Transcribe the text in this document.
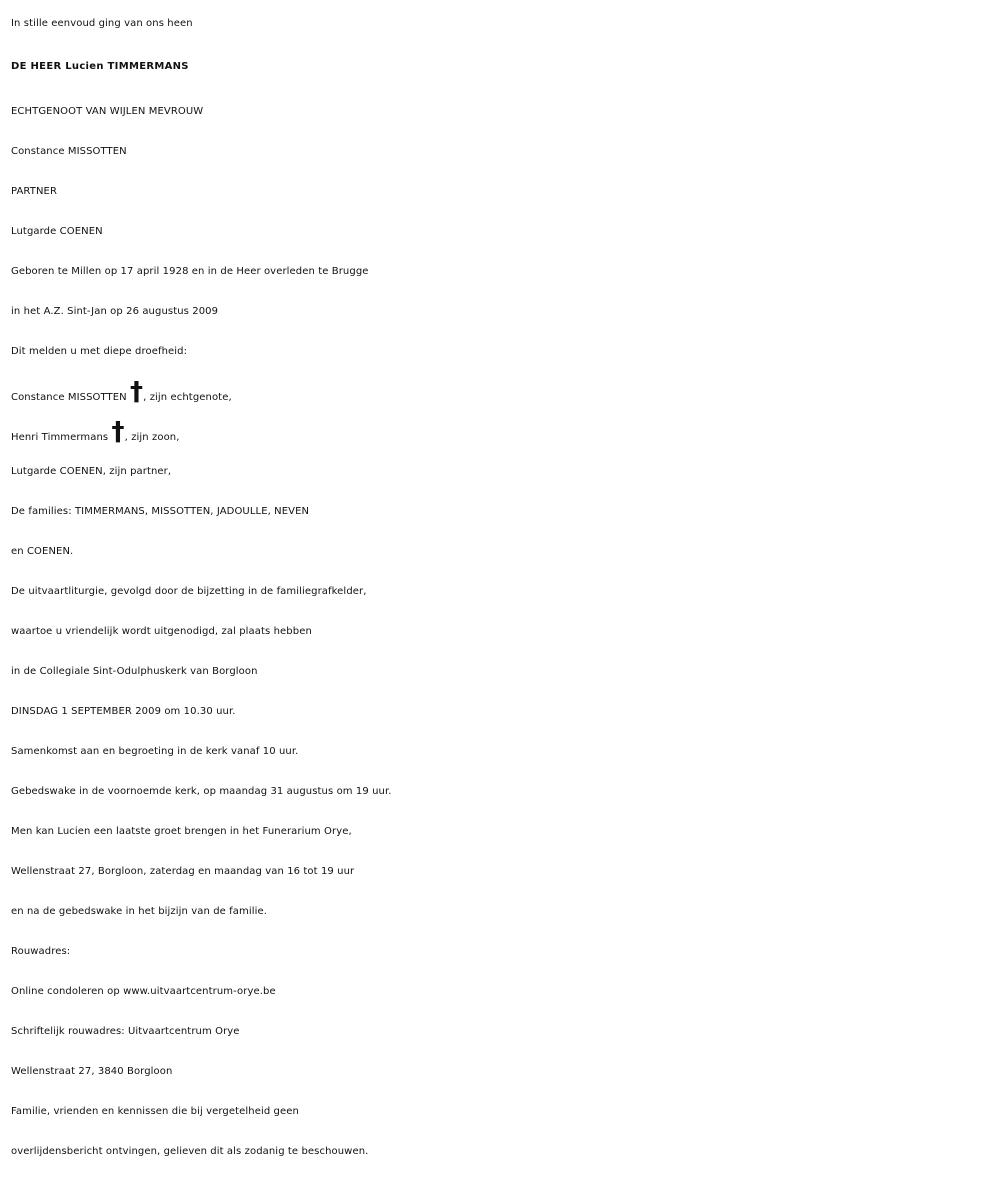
In stille eenvoud ging van ons heen
DE HEER Lucien TIMMERMANS
ECHTGENOOT VAN WIJLEN MEVROUW
Constance MISSOTTEN
PARTNER
Lutgarde COENEN
Geboren te Millen op 17 april 1928 en in de Heer overleden te Brugge
in het A.Z. Sint-Jan op 26 augustus 2009
Dit melden u met diepe droefheid:
Constance MISSOTTEN †, zijn echtgenote,
Henri Timmermans †, zijn zoon,
Lutgarde COENEN, zijn partner,
De families: TIMMERMANS, MISSOTTEN, JADOULLE, NEVEN
en COENEN.
De uitvaartliturgie, gevolgd door de bijzetting in de familiegrafkelder,
waartoe u vriendelijk wordt uitgenodigd, zal plaats hebben
in de Collegiale Sint-Odulphuskerk van Borgloon
DINSDAG 1 SEPTEMBER 2009 om 10.30 uur.
Samenkomst aan en begroeting in de kerk vanaf 10 uur.
Gebedswake in de voornoemde kerk, op maandag 31 augustus om 19 uur.
Men kan Lucien een laatste groet brengen in het Funerarium Orye,
Wellenstraat 27, Borgloon, zaterdag en maandag van 16 tot 19 uur
en na de gebedswake in het bijzijn van de familie.
Rouwadres:
Online condoleren op www.uitvaartcentrum-orye.be
Schriftelijk rouwadres: Uitvaartcentrum Orye
Wellenstraat 27, 3840 Borgloon
Familie, vrienden en kennissen die bij vergetelheid geen
overlijdensbericht ontvingen, gelieven dit als zodanig te beschouwen.
